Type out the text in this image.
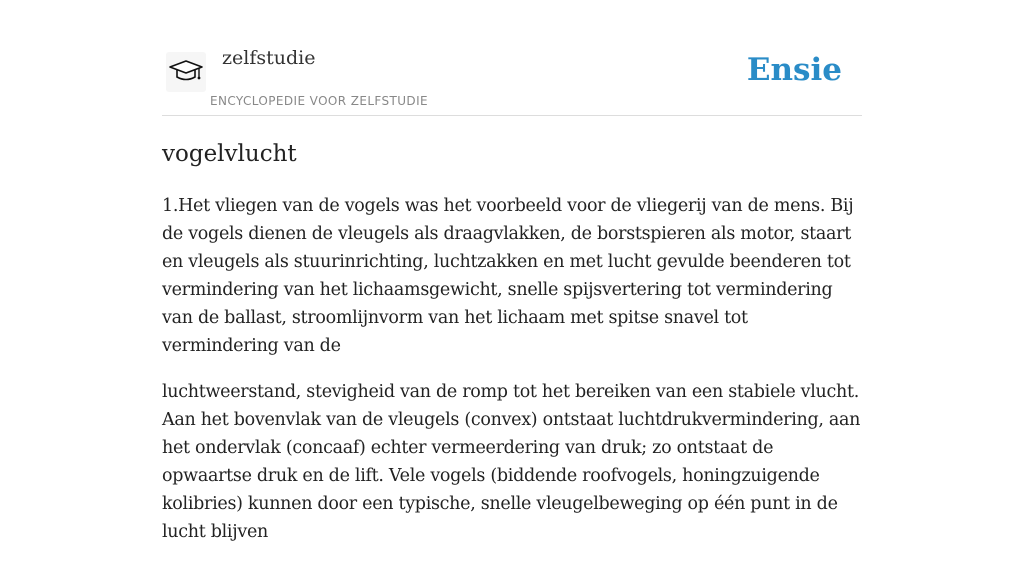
zelfstudie
ENCYCLOPEDIE VOOR ZELFSTUDIE
Ensie
vogelvlucht

1.Het vliegen van de vogels was het voorbeeld voor de vliegerij van de mens. Bij de vogels dienen de vleugels als draagvlakken, de borstspieren als motor, staart en vleugels als stuurinrichting, luchtzakken en met lucht gevulde beenderen tot vermindering van het lichaamsgewicht, snelle spijsvertering tot vermindering van de ballast, stroomlijnvorm van het lichaam met spitse snavel tot vermindering van de

luchtweerstand, stevigheid van de romp tot het bereiken van een stabiele vlucht. Aan het bovenvlak van de vleugels (convex) ontstaat luchtdrukvermindering, aan het ondervlak (concaaf) echter vermeerdering van druk; zo ontstaat de opwaartse druk en de lift. Vele vogels (biddende roofvogels, honingzuigende kolibries) kunnen door een typische, snelle vleugelbeweging op één punt in de lucht blijven
